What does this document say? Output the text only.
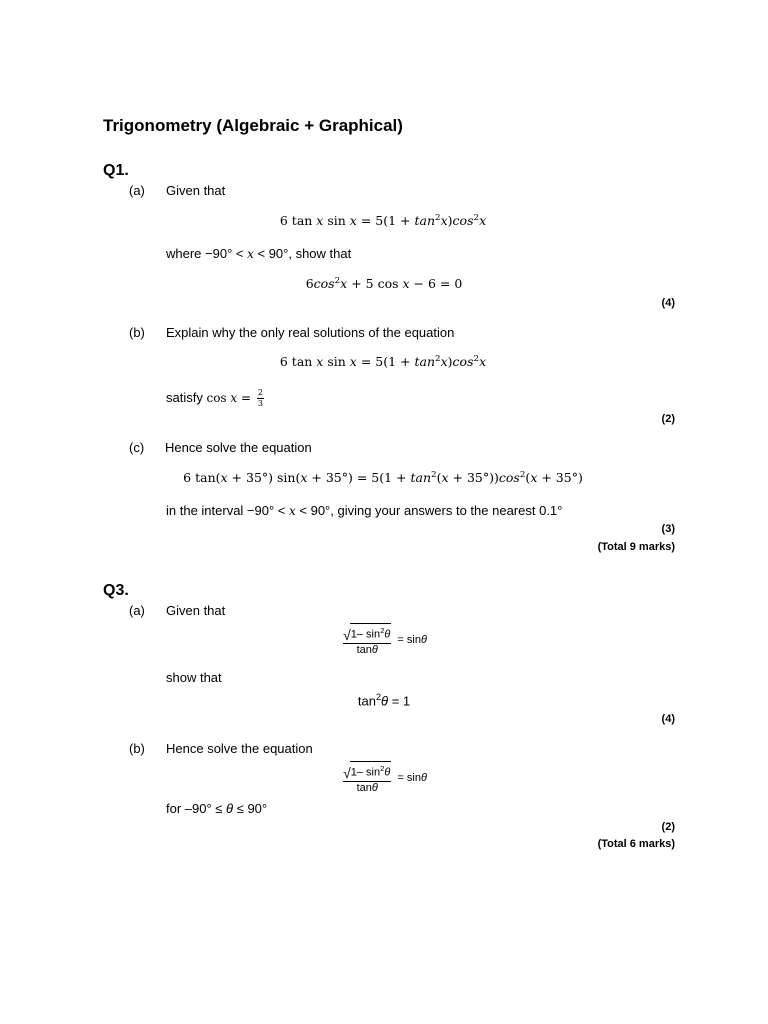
Trigonometry (Algebraic + Graphical)
Q1.
(a) Given that
6 tan x $\sin x = 5(1 + \tan^2x)\cos^2x$
where −90° < x < 90°, show that
$6\cos^2x + 5$ cos x − 6 = 0
(4)
(b) Explain why the only real solutions of the equation
6 tan x $\sin x = 5(1 + \tan^2x)\cos^2x$
satisfy $\cos x = \frac{2}{3}$
(2)
(c) Hence solve the equation
6 tan(x + 35°) $\sin(x + 35^\circ) = 5(1 + \tan^2(x + 35^\circ))\cos^2(x + 35^\circ)$
in the interval −90° < x < 90°, giving your answers to the nearest 0.1°
(3)
(Total 9 marks)
Q3.
(a) Given that
$\frac{√ 1- \sin^2\theta}{\tan\theta} = \sin\theta$
show that
$\tan^2\theta = 1$
(4)
(b) Hence solve the equation
$\frac{√ 1- \sin^2\theta}{\tan\theta} = \sin\theta$
for –90° ≤ θ ≤ 90°
(2)
(Total 6 marks)
